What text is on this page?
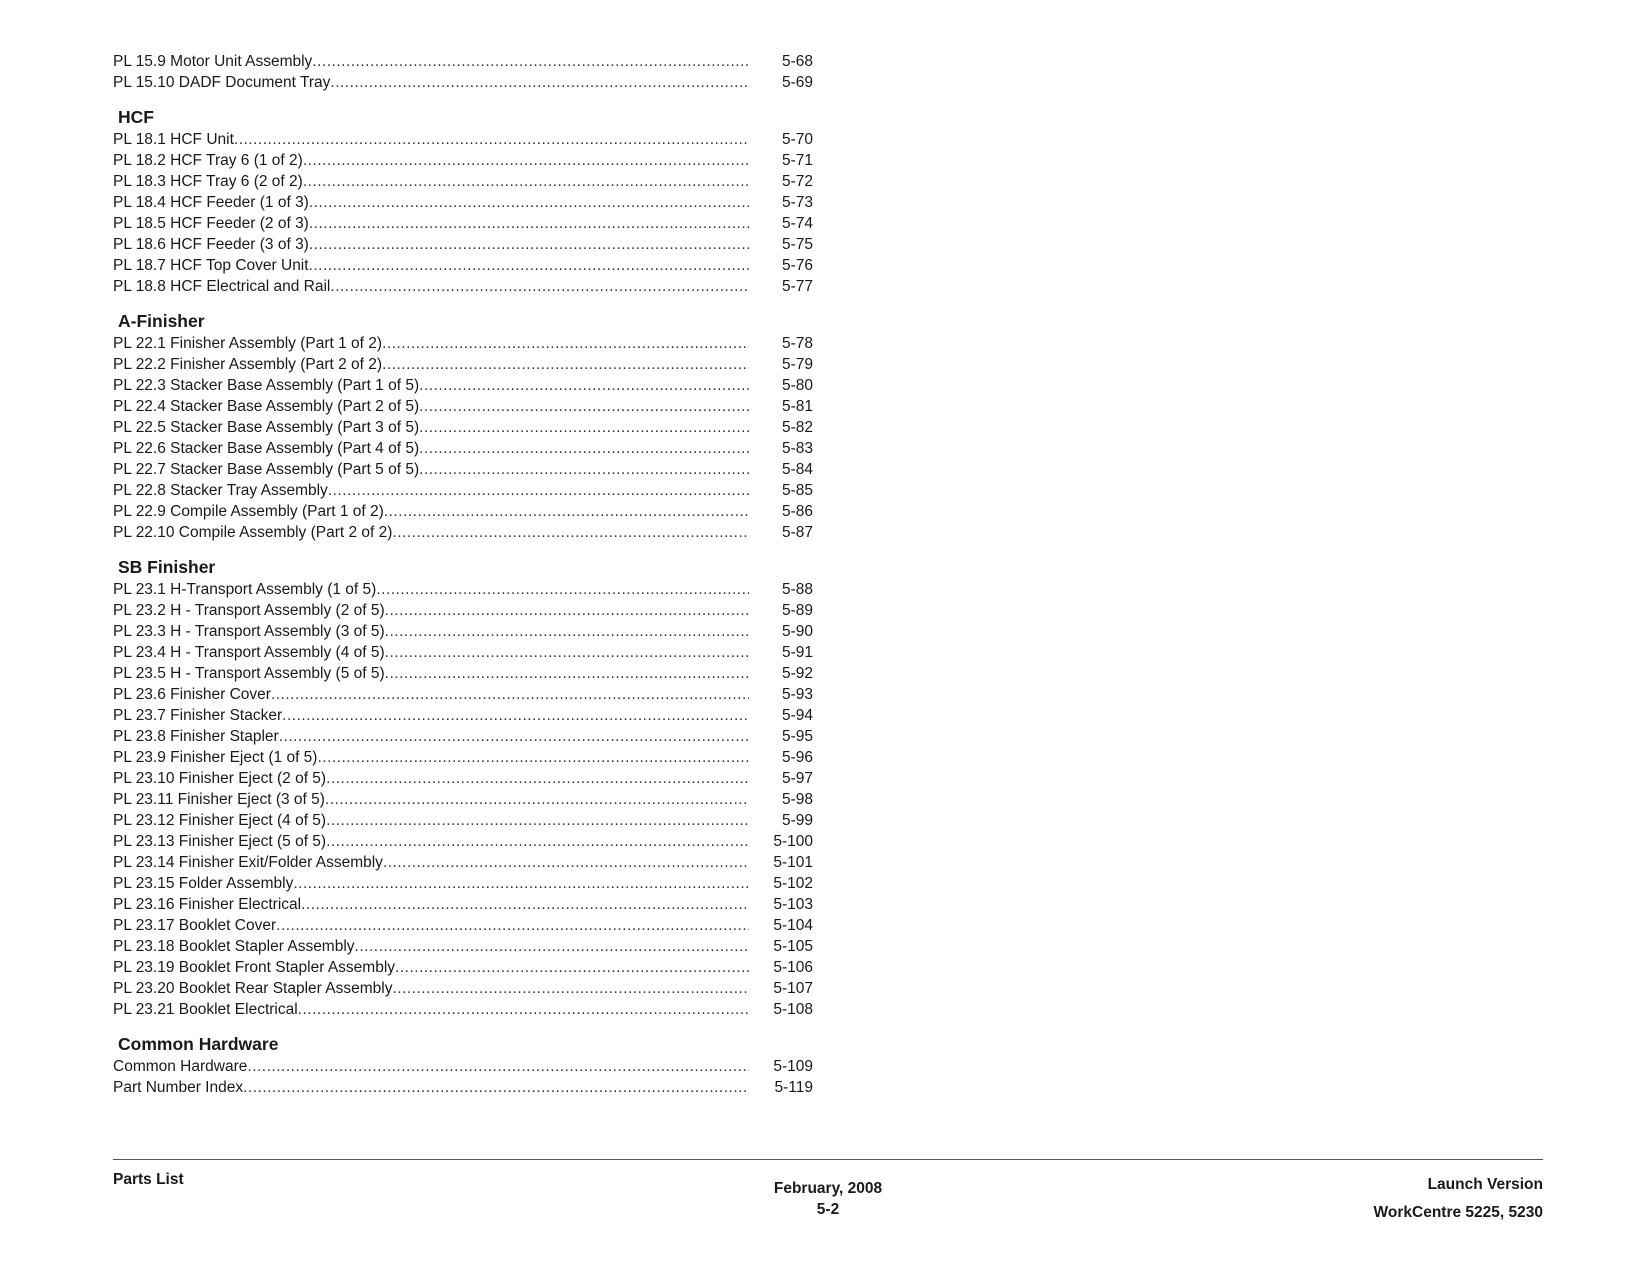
PL 15.9 Motor Unit Assembly .....	5-68
PL 15.10 DADF Document Tray .....	5-69
HCF
PL 18.1 HCF Unit .....	5-70
PL 18.2 HCF Tray 6 (1 of 2) .....	5-71
PL 18.3 HCF Tray 6 (2 of 2) .....	5-72
PL 18.4 HCF Feeder (1 of 3) .....	5-73
PL 18.5 HCF Feeder (2 of 3) .....	5-74
PL 18.6 HCF Feeder (3 of 3) .....	5-75
PL 18.7 HCF Top Cover Unit .....	5-76
PL 18.8 HCF Electrical and Rail .....	5-77
A-Finisher
PL 22.1 Finisher Assembly (Part 1 of 2) .....	5-78
PL 22.2 Finisher Assembly (Part 2 of 2) .....	5-79
PL 22.3 Stacker Base Assembly (Part 1 of 5) .....	5-80
PL 22.4 Stacker Base Assembly (Part 2 of 5) .....	5-81
PL 22.5 Stacker Base Assembly (Part 3 of 5) .....	5-82
PL 22.6 Stacker Base Assembly (Part 4 of 5) .....	5-83
PL 22.7 Stacker Base Assembly (Part 5 of 5) .....	5-84
PL 22.8 Stacker Tray Assembly .....	5-85
PL 22.9 Compile Assembly (Part 1 of 2) .....	5-86
PL 22.10 Compile Assembly (Part 2 of 2) .....	5-87
SB Finisher
PL 23.1 H-Transport Assembly (1 of 5) .....	5-88
PL 23.2 H - Transport Assembly (2 of 5) .....	5-89
PL 23.3 H - Transport Assembly (3 of 5) .....	5-90
PL 23.4 H - Transport Assembly (4 of 5) .....	5-91
PL 23.5 H - Transport Assembly (5 of 5) .....	5-92
PL 23.6 Finisher Cover .....	5-93
PL 23.7 Finisher Stacker .....	5-94
PL 23.8 Finisher Stapler .....	5-95
PL 23.9 Finisher Eject (1 of 5) .....	5-96
PL 23.10 Finisher Eject (2 of 5) .....	5-97
PL 23.11 Finisher Eject (3 of 5) .....	5-98
PL 23.12 Finisher Eject (4 of 5) .....	5-99
PL 23.13 Finisher Eject (5 of 5) .....	5-100
PL 23.14 Finisher Exit/Folder Assembly .....	5-101
PL 23.15 Folder Assembly .....	5-102
PL 23.16 Finisher Electrical .....	5-103
PL 23.17 Booklet Cover .....	5-104
PL 23.18 Booklet Stapler Assembly .....	5-105
PL 23.19 Booklet Front Stapler Assembly .....	5-106
PL 23.20 Booklet Rear Stapler Assembly .....	5-107
PL 23.21 Booklet Electrical .....	5-108
Common Hardware
Common Hardware .....	5-109
Part Number Index .....	5-119
Parts List
February, 2008
5-2
Launch Version
WorkCentre 5225, 5230
